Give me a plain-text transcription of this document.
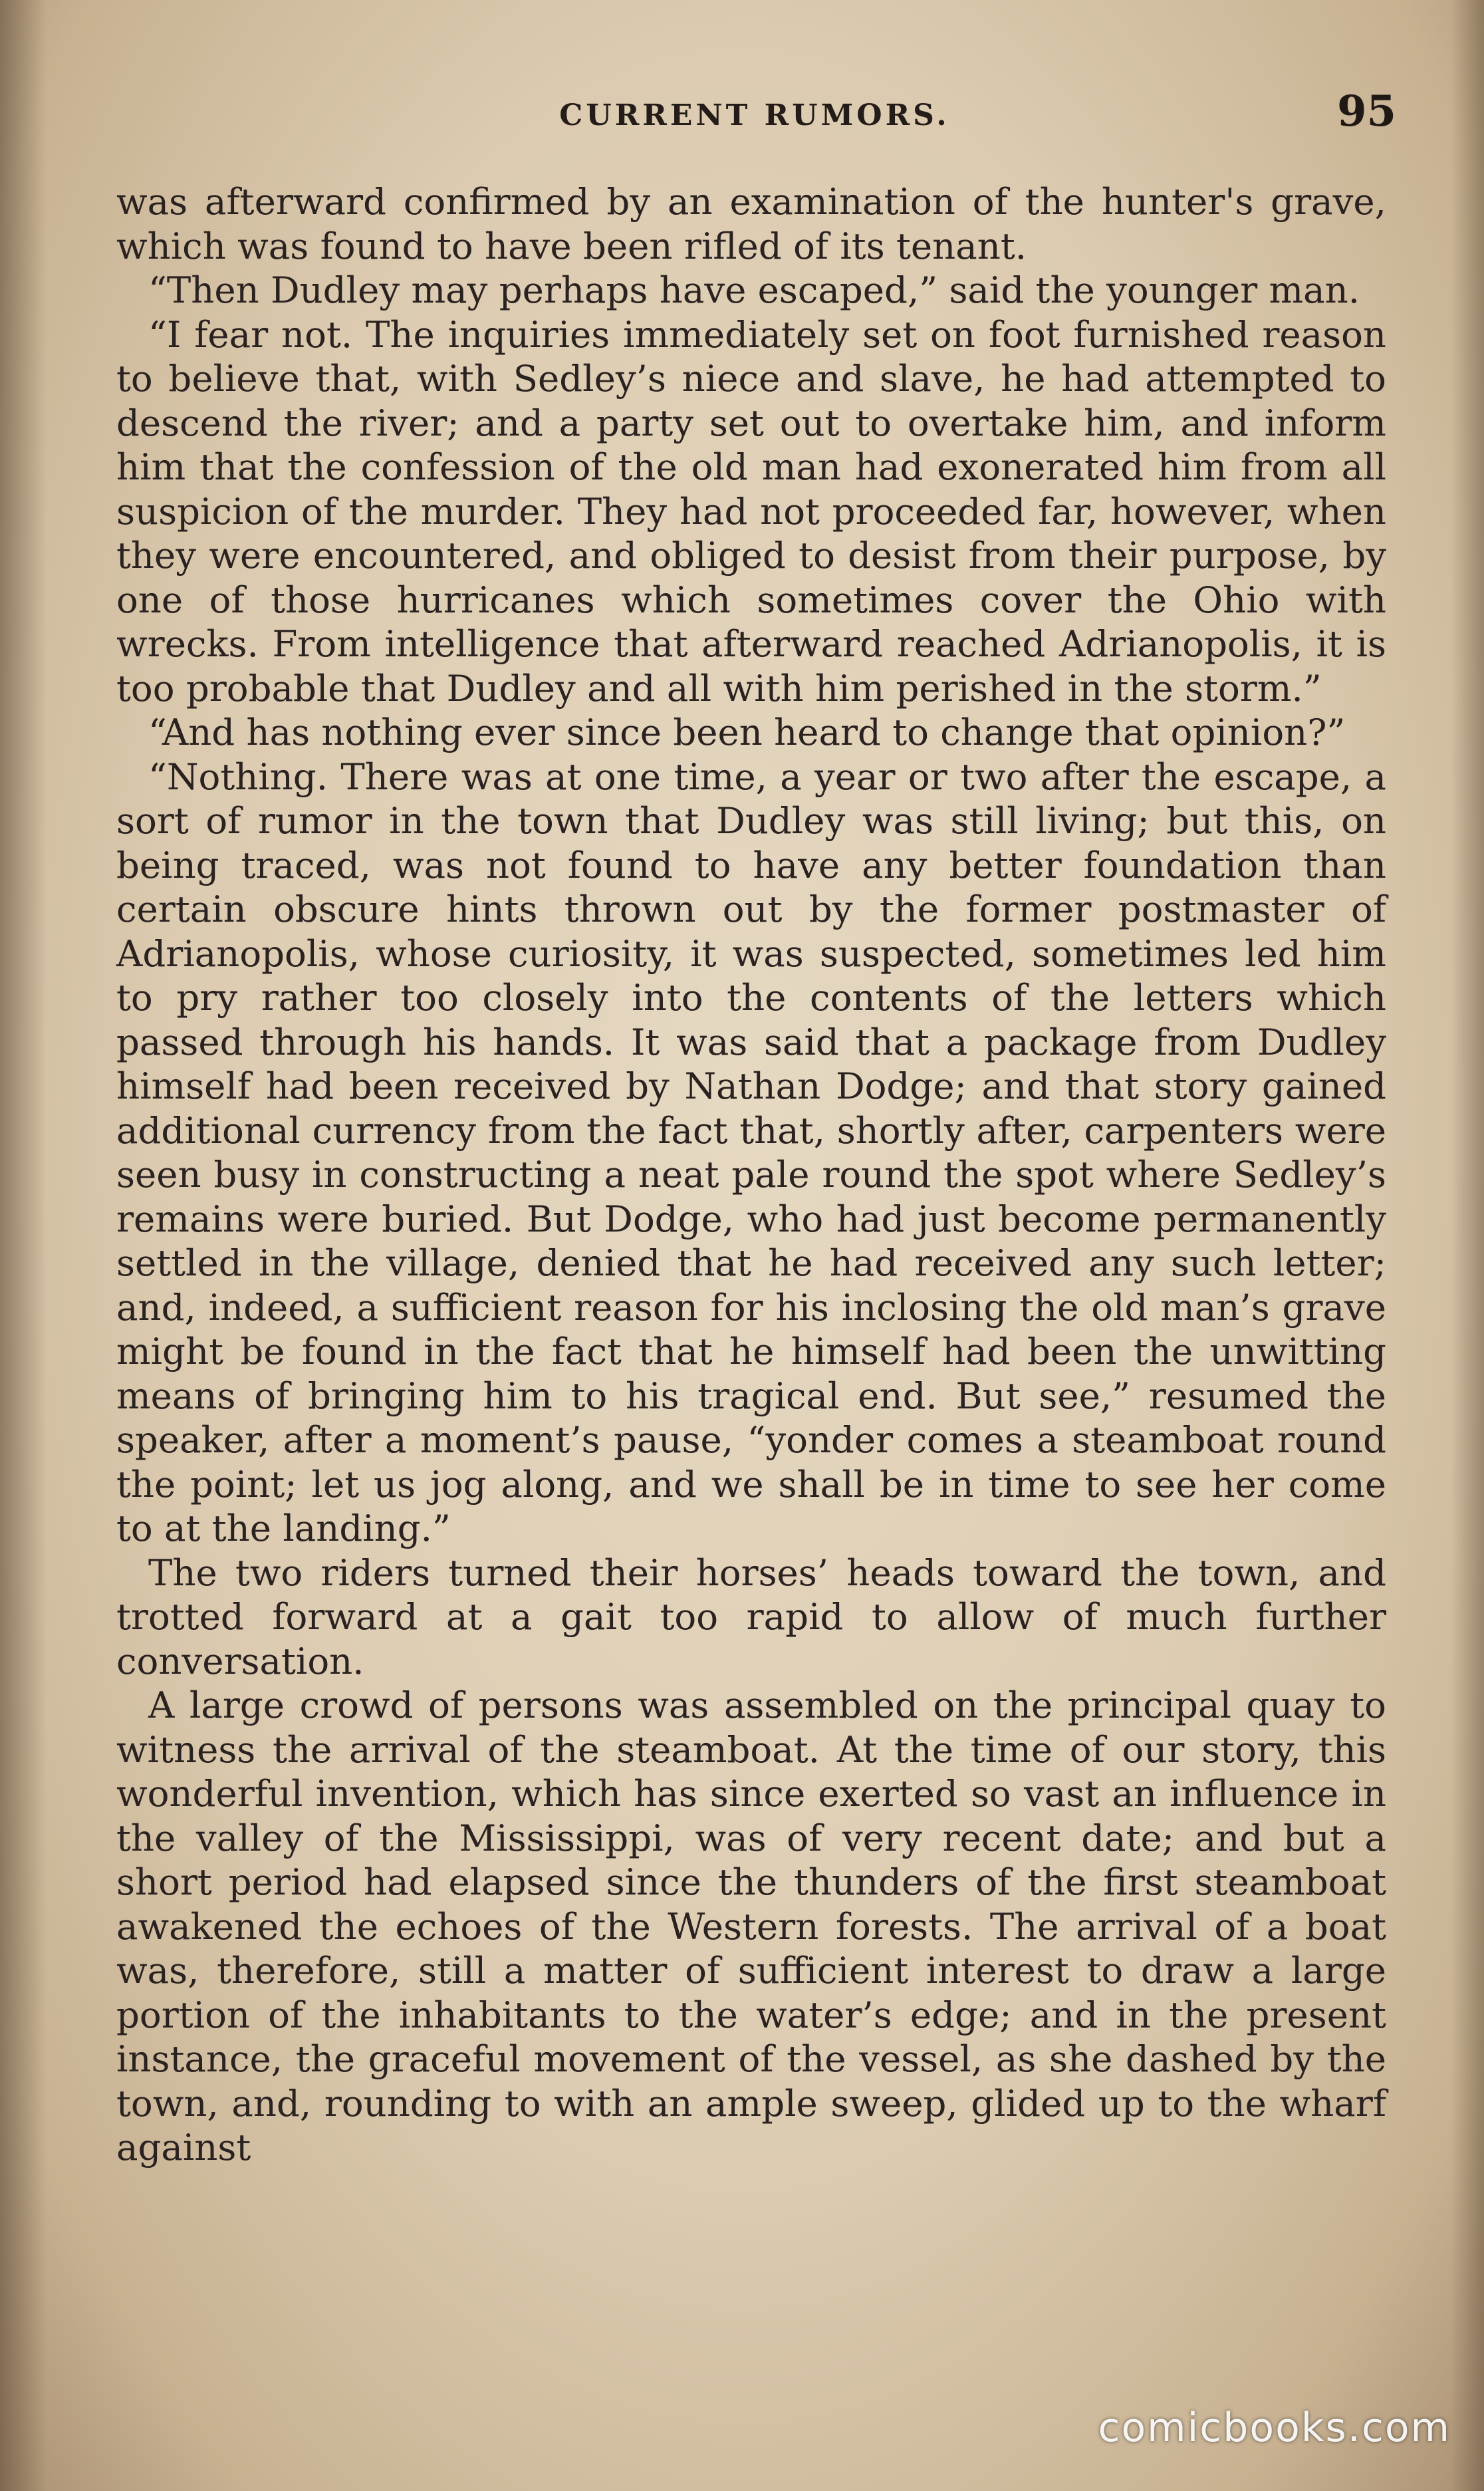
CURRENT RUMORS.	95

was afterward confirmed by an examination of the hunter's grave, which was found to have been rifled of its tenant.

“Then Dudley may perhaps have escaped,” said the younger man.

“I fear not. The inquiries immediately set on foot furnished reason to believe that, with Sedley’s niece and slave, he had attempted to descend the river; and a party set out to overtake him, and inform him that the confession of the old man had exonerated him from all suspicion of the murder. They had not proceeded far, however, when they were encountered, and obliged to desist from their purpose, by one of those hurricanes which sometimes cover the Ohio with wrecks. From intelligence that afterward reached Adrianopolis, it is too probable that Dudley and all with him perished in the storm.”

“And has nothing ever since been heard to change that opinion?”

“Nothing. There was at one time, a year or two after the escape, a sort of rumor in the town that Dudley was still living; but this, on being traced, was not found to have any better foundation than certain obscure hints thrown out by the former postmaster of Adrianopolis, whose curiosity, it was suspected, sometimes led him to pry rather too closely into the contents of the letters which passed through his hands. It was said that a package from Dudley himself had been received by Nathan Dodge; and that story gained additional currency from the fact that, shortly after, carpenters were seen busy in constructing a neat pale round the spot where Sedley’s remains were buried. But Dodge, who had just become permanently settled in the village, denied that he had received any such letter; and, indeed, a sufficient reason for his inclosing the old man’s grave might be found in the fact that he himself had been the unwitting means of bringing him to his tragical end. But see,” resumed the speaker, after a moment’s pause, “yonder comes a steamboat round the point; let us jog along, and we shall be in time to see her come to at the landing.”

The two riders turned their horses’ heads toward the town, and trotted forward at a gait too rapid to allow of much further conversation.

A large crowd of persons was assembled on the principal quay to witness the arrival of the steamboat. At the time of our story, this wonderful invention, which has since exerted so vast an influence in the valley of the Mississippi, was of very recent date; and but a short period had elapsed since the thunders of the first steamboat awakened the echoes of the Western forests. The arrival of a boat was, therefore, still a matter of sufficient interest to draw a large portion of the inhabitants to the water’s edge; and in the present instance, the graceful movement of the vessel, as she dashed by the town, and, rounding to with an ample sweep, glided up to the wharf against

comicbooks.com
